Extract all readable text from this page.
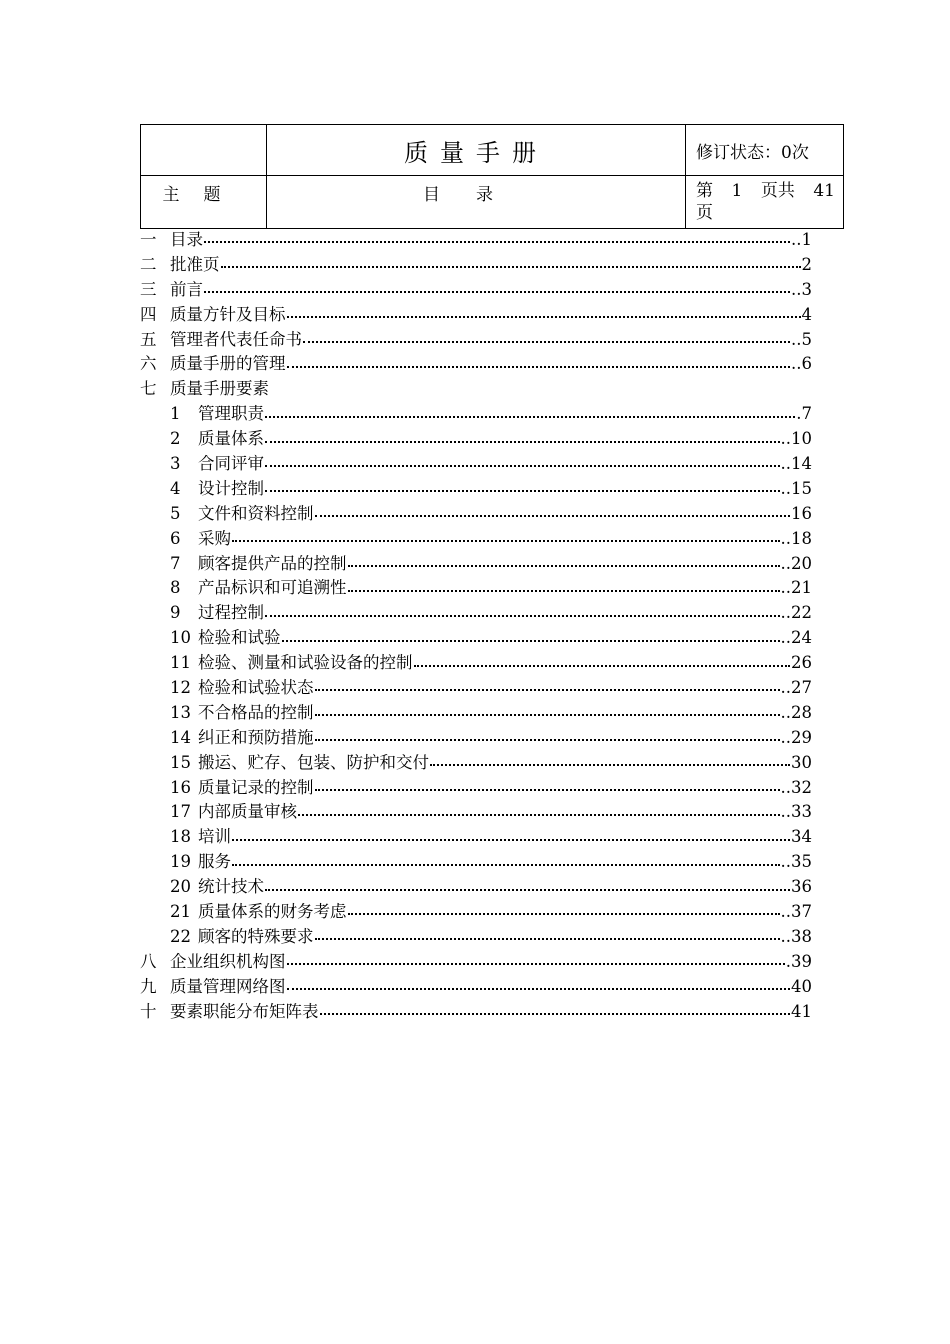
	质量手册	修订状态：0次
主题	目录	第 1 页共 41
页
一 目录	..1
二 批准页	2
三 前言	..3
四 质量方针及目标	4
五 管理者代表任命书	..5
六 质量手册的管理	..6
七 质量手册要素
1	管理职责	.7
2	质量体系	..10
3	合同评审	..14
4	设计控制	..15
5	文件和资料控制	16
6	采购	..18
7	顾客提供产品的控制	..20
8	产品标识和可追溯性	..21
9	过程控制	..22
10 检验和试验	..24
11 检验、测量和试验设备的控制	26
12 检验和试验状态	..27
13 不合格品的控制	..28
14 纠正和预防措施	..29
15 搬运、贮存、包装、防护和交付	30
16 质量记录的控制	..32
17 内部质量审核	..33
18 培训	34
19 服务	..35
20 统计技术	36
21 质量体系的财务考虑	..37
22 顾客的特殊要求	..38
八 企业组织机构图	.39
九 质量管理网络图	40
十 要素职能分布矩阵表	41
